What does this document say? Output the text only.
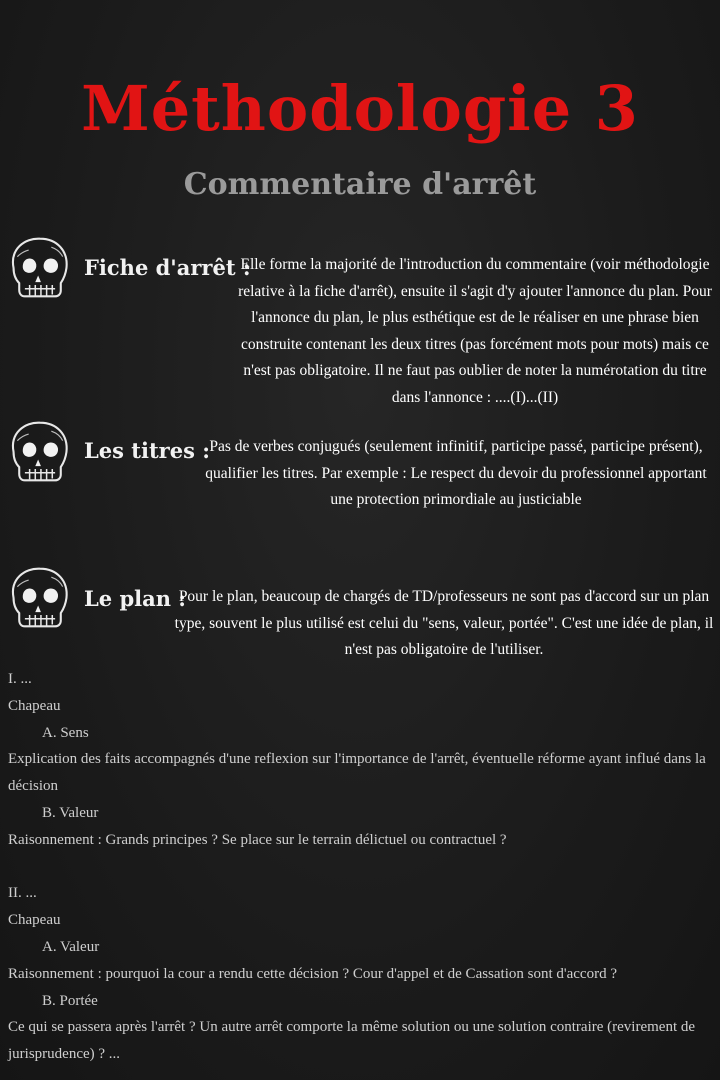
Méthodologie 3
Commentaire d'arrêt
Fiche d'arrêt :
Elle forme la majorité de l'introduction du commentaire (voir méthodologie relative à la fiche d'arrêt), ensuite il s'agit d'y ajouter l'annonce du plan. Pour l'annonce du plan, le plus esthétique est de le réaliser en une phrase bien construite contenant les deux titres (pas forcément mots pour mots) mais ce n'est pas obligatoire. Il ne faut pas oublier de noter la numérotation du titre dans l'annonce : ....(I)...(II)
Les titres : Pas de verbes conjugués (seulement infinitif, participe passé, participe présent), qualifier les titres. Par exemple : Le respect du devoir du professionnel apportant une protection primordiale au justiciable
Le plan :
Pour le plan, beaucoup de chargés de TD/professeurs ne sont pas d'accord sur un plan type, souvent le plus utilisé est celui du "sens, valeur, portée". C'est une idée de plan, il n'est pas obligatoire de l'utiliser.
I. ...
Chapeau
A. Sens
Explication des faits accompagnés d'une reflexion sur l'importance de l'arrêt, éventuelle réforme ayant influé dans la décision
B. Valeur
Raisonnement : Grands principes ? Se place sur le terrain délictuel ou contractuel ?
II. ...
Chapeau
A. Valeur
Raisonnement : pourquoi la cour a rendu cette décision ? Cour d'appel et de Cassation sont d'accord ?
B. Portée
Ce qui se passera après l'arrêt ? Un autre arrêt comporte la même solution ou une solution contraire (revirement de jurisprudence) ? ...
